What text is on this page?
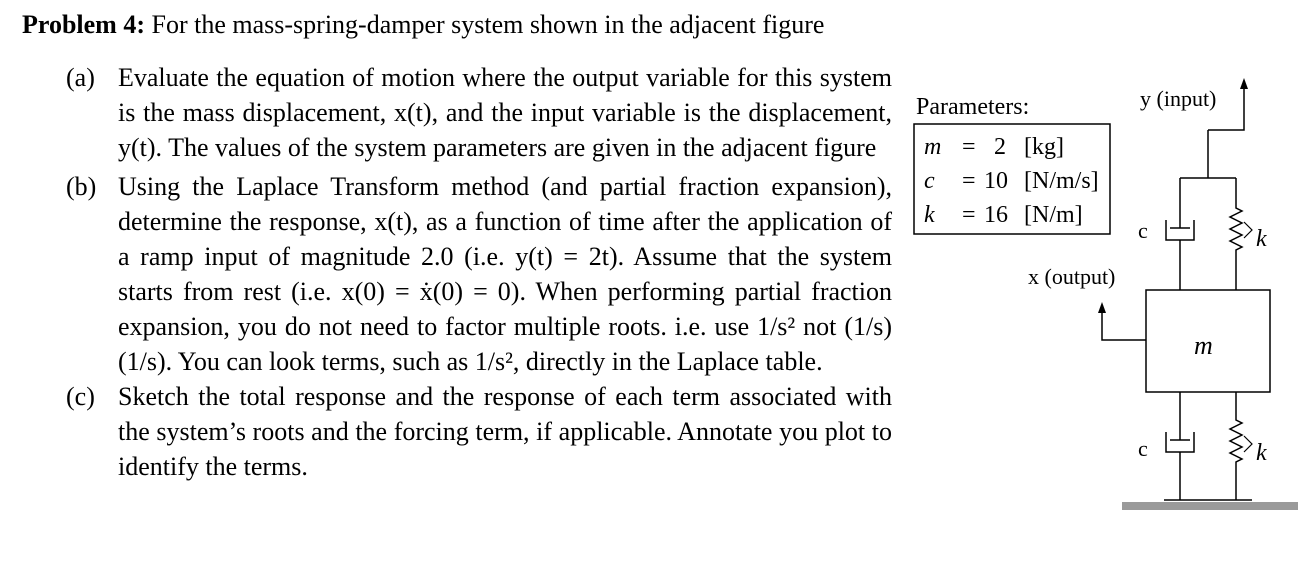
Problem 4: For the mass-spring-damper system shown in the adjacent figure
(a) Evaluate the equation of motion where the output variable for this system is the mass displacement, x(t), and the input variable is the displacement, y(t). The values of the system parameters are given in the adjacent figure
(b) Using the Laplace Transform method (and partial fraction expansion), determine the response, x(t), as a function of time after the application of a ramp input of magnitude 2.0 (i.e. y(t) = 2t). Assume that the system starts from rest (i.e. x(0) = ẋ(0) = 0). When performing partial fraction expansion, you do not need to factor multiple roots. i.e. use 1/s² not (1/s)(1/s). You can look terms, such as 1/s², directly in the Laplace table.
(c) Sketch the total response and the response of each term associated with the system’s roots and the forcing term, if applicable. Annotate you plot to identify the terms.
Parameters:
m = 2 [kg]
c = 10 [N/m/s]
k = 16 [N/m]
y (input)
c	k
m
x (output)
c	k
